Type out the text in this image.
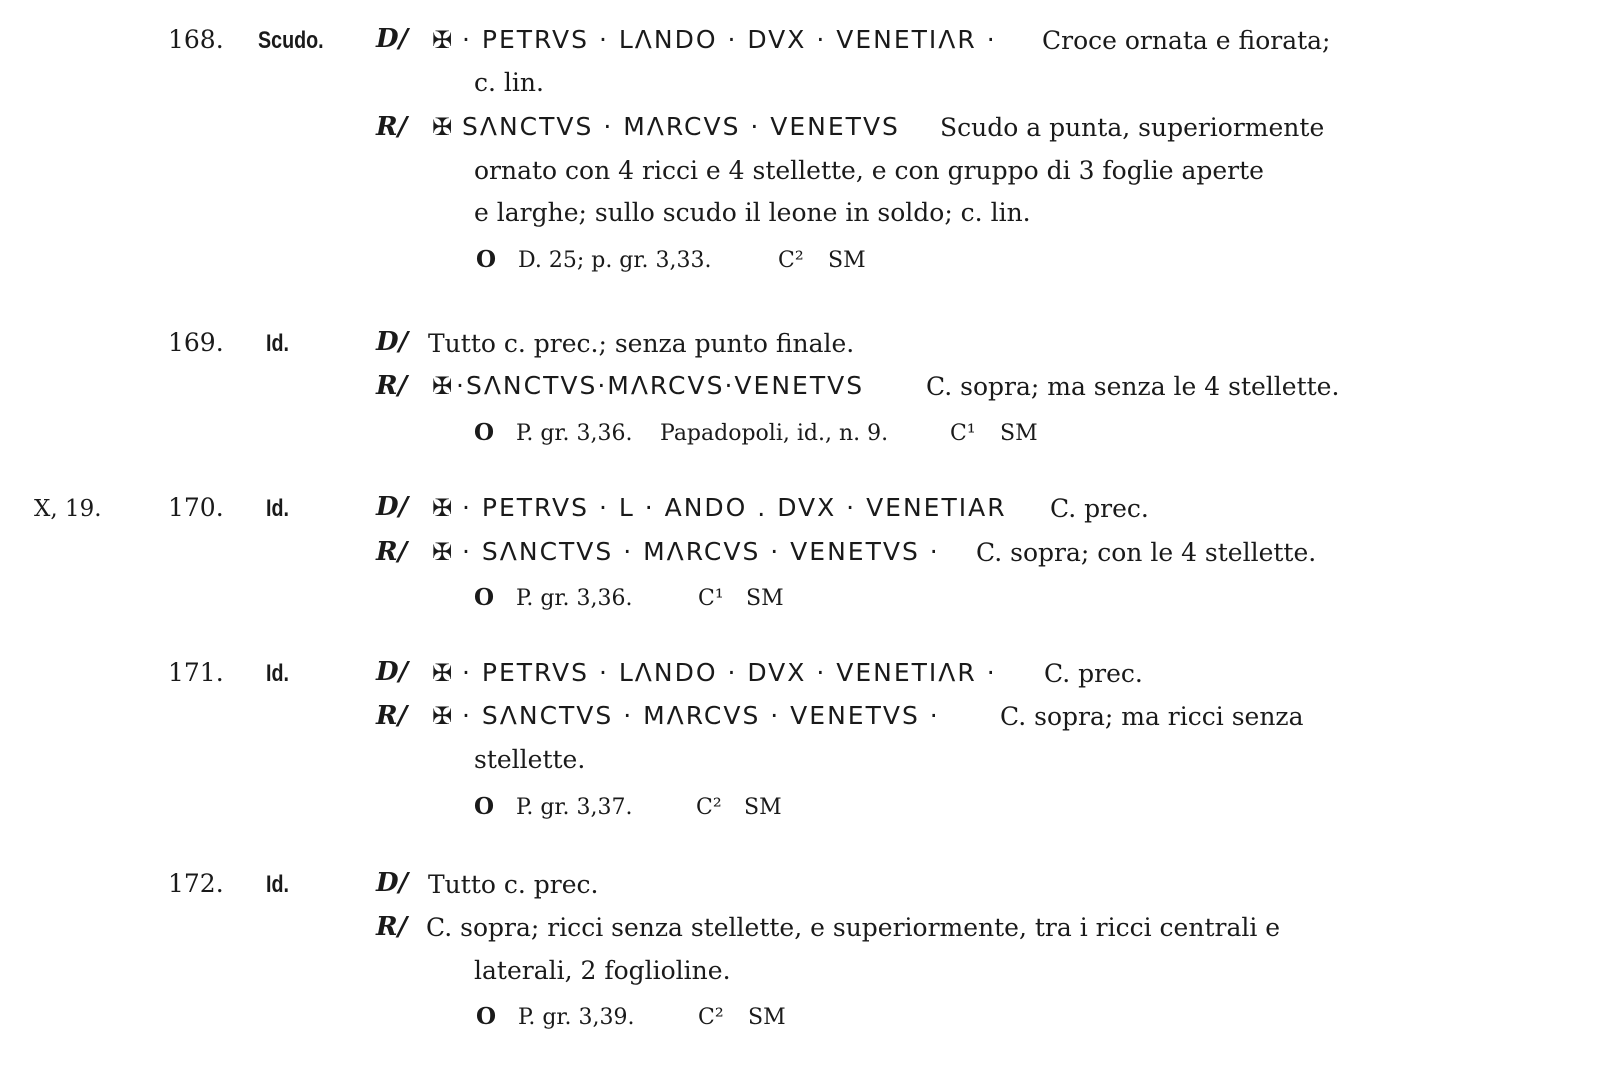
168. Scudo. D/ ✠ · PETRVS · LΛNDO · DVX · VENETIΛR · Croce ornata e fiorata;
c. lin.
R/ ✠ SΛNCTVS · MΛRCVS · VENETVS Scudo a punta, superiormente
ornato con 4 ricci e 4 stellette, e con gruppo di 3 foglie aperte
e larghe; sullo scudo il leone in soldo; c. lin.
O D. 25; p. gr. 3,33.	C² SM
169. Id.	D/ Tutto c. prec.; senza punto finale.
R/ ✠ ·SΛNCTVS·MΛRCVS·VENETVS C. sopra; ma senza le 4 stellette.
O P. gr. 3,36. Papadopoli, id., n. 9.	C¹ SM
X, 19.	170. Id.	D/ ✠ · PETRVS · L · ANDO . DVX · VENETIAR C. prec.
R/ ✠ · SΛNCTVS · MΛRCVS · VENETVS · C. sopra; con le 4 stellette.
O P. gr. 3,36.	C¹ SM
171. Id.	D/ ✠ · PETRVS · LΛNDO · DVX · VENETIΛR · C. prec.
R/ ✠ · SΛNCTVS · MΛRCVS · VENETVS · C. sopra; ma ricci senza
stellette.
O P. gr. 3,37.	C² SM
172. Id.	D/ Tutto c. prec.
R/ C. sopra; ricci senza stellette, e superiormente, tra i ricci centrali e
laterali, 2 foglioline.
O P. gr. 3,39.	C² SM
